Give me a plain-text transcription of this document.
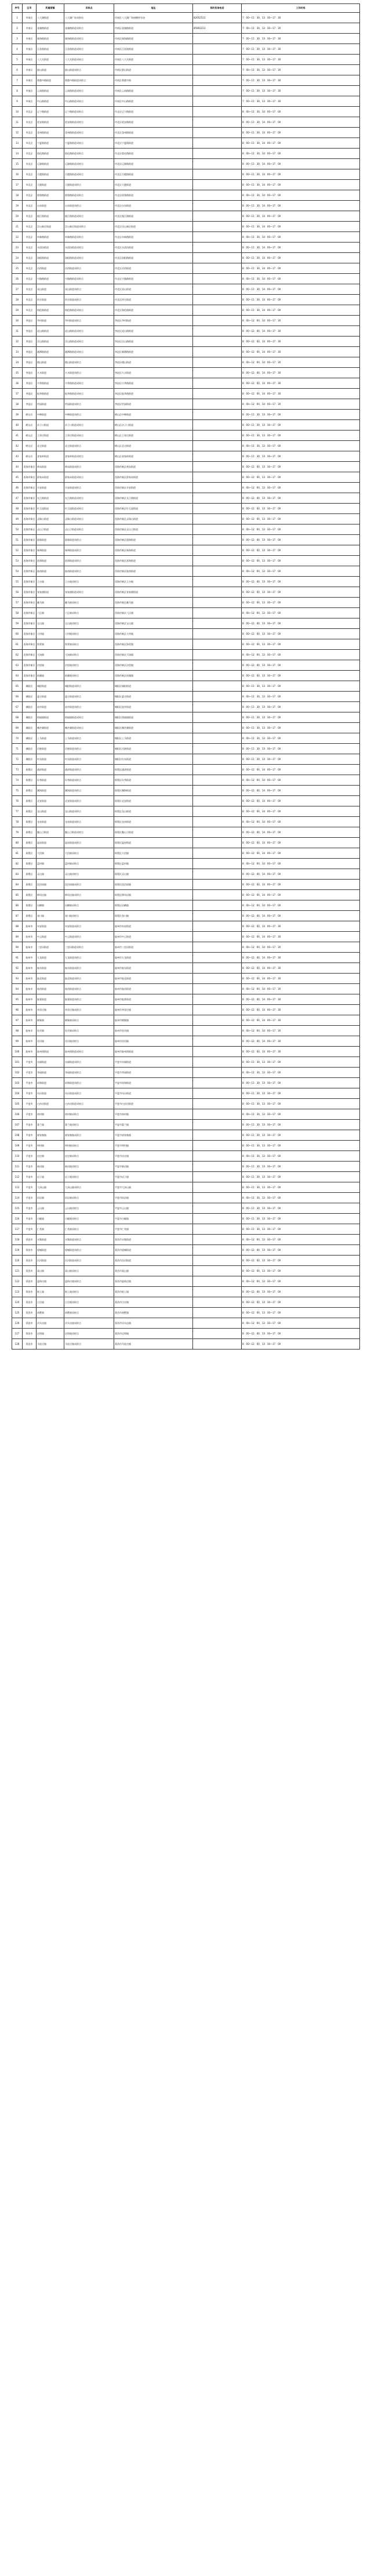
序号	区市	所属街镇	采样点	地址	预约咨询电话	工作时间
1	市南区	八大湖街道	八大湖广场采样站	市南区八大湖广场南侧停车场	82652513	7：00—11：30，13：30—17：30
2	市南区	金湖路街道	金湖路街道采样点	市南区金湖路街道	85902213	7：00—11：30，13：30—17：30
3	市南区	珠海路街道	珠海路街道采样点	市南区珠海路街道		7：00—11：30，13：30—17：30
4	市南区	江苏路街道	江苏路街道采样点	市南区江苏路街道		7：00—11：30，13：30—17：30
5	市南区	八大关街道	八大关街道采样点	市南区八大关街道		7：00—11：30，13：30—17：30
6	市南区	湛山街道	湛山街道采样点	市南区湛山街道		7：00—11：30，13：30—17：30
7	市南区	香港中路街道	香港中路街道采样点	市南区香港中路		7：00—11：30，13：30—17：30
8	市南区	云南路街道	云南路街道采样点	市南区云南路街道		7：00—11：30，13：30—17：30
9	市南区	中山路街道	中山路街道采样点	市南区中山路街道		7：00—11：30，13：30—17：30
10	市北区	辽宁路街道	辽宁路街道采样点	市北区辽宁路街道		8：00—11：30，14：00—17：00
11	市北区	延安路街道	延安路街道采样点	市北区延安路街道		8：00—11：30，14：00—17：00
12	市北区	登州路街道	登州路街道采样点	市北区登州路街道		8：00—11：30，14：00—17：00
13	市北区	宁夏路街道	宁夏路街道采样点	市北区宁夏路街道		8：00—11：30，14：00—17：00
14	市北区	敦化路街道	敦化路街道采样点	市北区敦化路街道		8：00—11：30，14：00—17：00
15	市北区	辽源路街道	辽源路街道采样点	市北区辽源路街道		8：00—11：30，14：00—17：00
16	市北区	合肥路街道	合肥路街道采样点	市北区合肥路街道		8：00—11：30，14：00—17：00
17	市北区	大港街道	大港街道采样点	市北区大港街道		8：00—11：30，14：00—17：00
18	市北区	即墨路街道	即墨路街道采样点	市北区即墨路街道		8：00—11：30，14：00—17：00
19	市北区	台东街道	台东街道采样点	市北区台东街道		8：00—11：30，14：00—17：00
20	市北区	镇江路街道	镇江路街道采样点	市北区镇江路街道		8：00—11：30，14：00—17：00
21	市北区	浮山新区街道	浮山新区街道采样点	市北区浮山新区街道		8：00—11：30，14：00—17：00
22	市北区	阜新路街道	阜新路街道采样点	市北区阜新路街道		8：00—11：30，14：00—17：00
23	市北区	水清沟街道	水清沟街道采样点	市北区水清沟街道		8：00—11：30，14：00—17：00
24	市北区	洛阳路街道	洛阳路街道采样点	市北区洛阳路街道		8：00—11：30，14：00—17：00
25	市北区	河西街道	河西街道采样点	市北区河西街道		8：00—11：30，14：00—17：00
26	市北区	兴隆路街道	兴隆路街道采样点	市北区兴隆路街道		8：00—11：30，14：00—17：00
27	市北区	双山街道	双山街道采样点	市北区双山街道		8：00—11：30，14：00—17：00
28	市北区	四方街道	四方街道采样点	市北区四方街道		8：00—11：30，14：00—17：00
29	市北区	海伦路街道	海伦路街道采样点	市北区海伦路街道		8：00—11：30，14：00—17：00
30	李沧区	李村街道	李村街道采样点	李沧区李村街道		8：00—12：00，14：00—17：30
31	李沧区	虎山路街道	虎山路街道采样点	李沧区虎山路街道		8：00—12：00，14：00—17：30
32	李沧区	浮山路街道	浮山路街道采样点	李沧区浮山路街道		8：00—12：00，14：00—17：30
33	李沧区	湘潭路街道	湘潭路街道采样点	李沧区湘潭路街道		8：00—12：00，14：00—17：30
34	李沧区	楼山街道	楼山街道采样点	李沧区楼山街道		8：00—12：00，14：00—17：30
35	李沧区	九水街道	九水街道采样点	李沧区九水街道		8：00—12：00，14：00—17：30
36	李沧区	兴华路街道	兴华路街道采样点	李沧区兴华路街道		8：00—12：00，14：00—17：30
37	李沧区	振华路街道	振华路街道采样点	李沧区振华路街道		8：00—12：00，14：00—17：30
38	李沧区	世园街道	世园街道采样点	李沧区世园街道		8：00—12：00，14：00—17：30
39	崂山区	中韩街道	中韩街道采样点	崂山区中韩街道		8：00—11：30，13：30—17：00
40	崂山区	沙子口街道	沙子口街道采样点	崂山区沙子口街道		8：00—11：30，13：30—17：00
41	崂山区	王哥庄街道	王哥庄街道采样点	崂山区王哥庄街道		8：00—11：30，13：30—17：00
42	崂山区	北宅街道	北宅街道采样点	崂山区北宅街道		8：00—11：30，13：30—17：00
43	崂山区	金家岭街道	金家岭街道采样点	崂山区金家岭街道		8：00—11：30，13：30—17：00
44	西海岸新区	黄岛街道	黄岛街道采样点	西海岸新区黄岛街道		8：00—12：00，13：30—17：00
45	西海岸新区	薛家岛街道	薛家岛街道采样点	西海岸新区薛家岛街道		8：00—12：00，13：30—17：00
46	西海岸新区	辛安街道	辛安街道采样点	西海岸新区辛安街道		8：00—12：00，13：30—17：00
47	西海岸新区	长江路街道	长江路街道采样点	西海岸新区长江路街道		8：00—12：00，13：30—17：00
48	西海岸新区	红石崖街道	红石崖街道采样点	西海岸新区红石崖街道		8：00—12：00，13：30—17：00
49	西海岸新区	灵珠山街道	灵珠山街道采样点	西海岸新区灵珠山街道		8：00—12：00，13：30—17：00
50	西海岸新区	灵山卫街道	灵山卫街道采样点	西海岸新区灵山卫街道		8：00—12：00，13：30—17：00
51	西海岸新区	隐珠街道	隐珠街道采样点	西海岸新区隐珠街道		8：00—12：00，13：30—17：00
52	西海岸新区	珠海街道	珠海街道采样点	西海岸新区珠海街道		8：00—12：00，13：30—17：00
53	西海岸新区	滨海街道	滨海街道采样点	西海岸新区滨海街道		8：00—12：00，13：30—17：00
54	西海岸新区	胶南街道	胶南街道采样点	西海岸新区胶南街道		8：00—12：00，13：30—17：00
55	西海岸新区	王台镇	王台镇采样点	西海岸新区王台镇		8：00—12：00，13：30—17：00
56	西海岸新区	张家楼街道	张家楼街道采样点	西海岸新区张家楼街道		8：00—12：00，13：30—17：00
57	西海岸新区	藏马镇	藏马镇采样点	西海岸新区藏马镇		8：00—12：00，13：30—17：00
58	西海岸新区	六汪镇	六汪镇采样点	西海岸新区六汪镇		8：00—12：00，13：30—17：00
59	西海岸新区	宝山镇	宝山镇采样点	西海岸新区宝山镇		8：00—12：00，13：30—17：00
60	西海岸新区	大村镇	大村镇采样点	西海岸新区大村镇		8：00—12：00，13：30—17：00
61	西海岸新区	海青镇	海青镇采样点	西海岸新区海青镇		8：00—12：00，13：30—17：00
62	西海岸新区	大场镇	大场镇采样点	西海岸新区大场镇		8：00—12：00，13：30—17：00
63	西海岸新区	泊里镇	泊里镇采样点	西海岸新区泊里镇		8：00—12：00，13：30—17：00
64	西海岸新区	琅琊镇	琅琊镇采样点	西海岸新区琅琊镇		8：00—12：00，13：30—17：00
65	城阳区	城阳街道	城阳街道采样点	城阳区城阳街道		8：00—11：30，13：30—17：00
66	城阳区	夏庄街道	夏庄街道采样点	城阳区夏庄街道		8：00—11：30，13：30—17：00
67	城阳区	流亭街道	流亭街道采样点	城阳区流亭街道		8：00—11：30，13：30—17：00
68	城阳区	惜福镇街道	惜福镇街道采样点	城阳区惜福镇街道		8：00—11：30，13：30—17：00
69	城阳区	棘洪滩街道	棘洪滩街道采样点	城阳区棘洪滩街道		8：00—11：30，13：30—17：00
70	城阳区	上马街道	上马街道采样点	城阳区上马街道		8：00—11：30，13：30—17：00
71	城阳区	河套街道	河套街道采样点	城阳区河套街道		8：00—11：30，13：30—17：00
72	城阳区	红岛街道	红岛街道采样点	城阳区红岛街道		8：00—11：30，13：30—17：00
73	即墨区	通济街道	通济街道采样点	即墨区通济街道		8：00—12：00，14：00—17：00
74	即墨区	环秀街道	环秀街道采样点	即墨区环秀街道		8：00—12：00，14：00—17：00
75	即墨区	潮海街道	潮海街道采样点	即墨区潮海街道		8：00—12：00，14：00—17：00
76	即墨区	北安街道	北安街道采样点	即墨区北安街道		8：00—12：00，14：00—17：00
77	即墨区	龙山街道	龙山街道采样点	即墨区龙山街道		8：00—12：00，14：00—17：00
78	即墨区	龙泉街道	龙泉街道采样点	即墨区龙泉街道		8：00—12：00，14：00—17：00
79	即墨区	鳌山卫街道	鳌山卫街道采样点	即墨区鳌山卫街道		8：00—12：00，14：00—17：00
80	即墨区	温泉街道	温泉街道采样点	即墨区温泉街道		8：00—12：00，14：00—17：00
81	即墨区	大信镇	大信镇采样点	即墨区大信镇		8：00—12：00，14：00—17：00
82	即墨区	蓝村镇	蓝村镇采样点	即墨区蓝村镇		8：00—12：00，14：00—17：00
83	即墨区	灵山镇	灵山镇采样点	即墨区灵山镇		8：00—12：00，14：00—17：00
84	即墨区	段泊岚镇	段泊岚镇采样点	即墨区段泊岚镇		8：00—12：00，14：00—17：00
85	即墨区	移风店镇	移风店镇采样点	即墨区移风店镇		8：00—12：00，14：00—17：00
86	即墨区	田横镇	田横镇采样点	即墨区田横镇		8：00—12：00，14：00—17：00
87	即墨区	金口镇	金口镇采样点	即墨区金口镇		8：00—12：00，14：00—17：00
88	胶州市	阜安街道	阜安街道采样点	胶州市阜安街道		8：00—12：00，14：00—17：30
89	胶州市	中云街道	中云街道采样点	胶州市中云街道		8：00—12：00，14：00—17：30
90	胶州市	三里河街道	三里河街道采样点	胶州市三里河街道		8：00—12：00，14：00—17：30
91	胶州市	九龙街道	九龙街道采样点	胶州市九龙街道		8：00—12：00，14：00—17：30
92	胶州市	胶东街道	胶东街道采样点	胶州市胶东街道		8：00—12：00，14：00—17：30
93	胶州市	胶北街道	胶北街道采样点	胶州市胶北街道		8：00—12：00，14：00—17：30
94	胶州市	胶西街道	胶西街道采样点	胶州市胶西街道		8：00—12：00，14：00—17：30
95	胶州市	胶莱街道	胶莱街道采样点	胶州市胶莱街道		8：00—12：00，14：00—17：30
96	胶州市	李哥庄镇	李哥庄镇采样点	胶州市李哥庄镇		8：00—12：00，14：00—17：30
97	胶州市	铺集镇	铺集镇采样点	胶州市铺集镇		8：00—12：00，14：00—17：30
98	胶州市	里岔镇	里岔镇采样点	胶州市里岔镇		8：00—12：00，14：00—17：30
99	胶州市	洋河镇	洋河镇采样点	胶州市洋河镇		8：00—12：00，14：00—17：30
100	胶州市	胶州湾街道	胶州湾街道采样点	胶州市胶州湾街道		8：00—12：00，14：00—17：30
101	平度市	东阁街道	东阁街道采样点	平度市东阁街道		8：00—11：30，13：30—17：00
102	平度市	李园街道	李园街道采样点	平度市李园街道		8：00—11：30，13：30—17：00
103	平度市	同和街道	同和街道采样点	平度市同和街道		8：00—11：30，13：30—17：00
104	平度市	凤台街道	凤台街道采样点	平度市凤台街道		8：00—11：30，13：30—17：00
105	平度市	白沙河街道	白沙河街道采样点	平度市白沙河街道		8：00—11：30，13：30—17：00
106	平度市	南村镇	南村镇采样点	平度市南村镇		8：00—11：30，13：30—17：00
107	平度市	蓼兰镇	蓼兰镇采样点	平度市蓼兰镇		8：00—11：30，13：30—17：00
108	平度市	崔家集镇	崔家集镇采样点	平度市崔家集镇		8：00—11：30，13：30—17：00
109	平度市	明村镇	明村镇采样点	平度市明村镇		8：00—11：30，13：30—17：00
110	平度市	田庄镇	田庄镇采样点	平度市田庄镇		8：00—11：30，13：30—17：00
111	平度市	新河镇	新河镇采样点	平度市新河镇		8：00—11：30，13：30—17：00
112	平度市	店子镇	店子镇采样点	平度市店子镇		8：00—11：30，13：30—17：00
113	平度市	大泽山镇	大泽山镇采样点	平度市大泽山镇		8：00—11：30，13：30—17：00
114	平度市	旧店镇	旧店镇采样点	平度市旧店镇		8：00—11：30，13：30—17：00
115	平度市	云山镇	云山镇采样点	平度市云山镇		8：00—11：30，13：30—17：00
116	平度市	古岘镇	古岘镇采样点	平度市古岘镇		8：00—11：30，13：30—17：00
117	平度市	仁兆镇	仁兆镇采样点	平度市仁兆镇		8：00—11：30，13：30—17：00
118	莱西市	水集街道	水集街道采样点	莱西市水集街道		8：00—12：00，13：30—17：00
119	莱西市	望城街道	望城街道采样点	莱西市望城街道		8：00—12：00，13：30—17：00
120	莱西市	沽河街道	沽河街道采样点	莱西市沽河街道		8：00—12：00，13：30—17：00
121	莱西市	姜山镇	姜山镇采样点	莱西市姜山镇		8：00—12：00，13：30—17：00
122	莱西市	夏格庄镇	夏格庄镇采样点	莱西市夏格庄镇		8：00—12：00，13：30—17：00
123	莱西市	院上镇	院上镇采样点	莱西市院上镇		8：00—12：00，13：30—17：00
124	莱西市	日庄镇	日庄镇采样点	莱西市日庄镇		8：00—12：00，13：30—17：00
125	莱西市	南墅镇	南墅镇采样点	莱西市南墅镇		8：00—12：00，13：30—17：00
126	莱西市	河头店镇	河头店镇采样点	莱西市河头店镇		8：00—12：00，13：30—17：00
127	莱西市	店埠镇	店埠镇采样点	莱西市店埠镇		8：00—12：00，13：30—17：00
128	莱西市	马连庄镇	马连庄镇采样点	莱西市马连庄镇		8：00—12：00，13：30—17：00
